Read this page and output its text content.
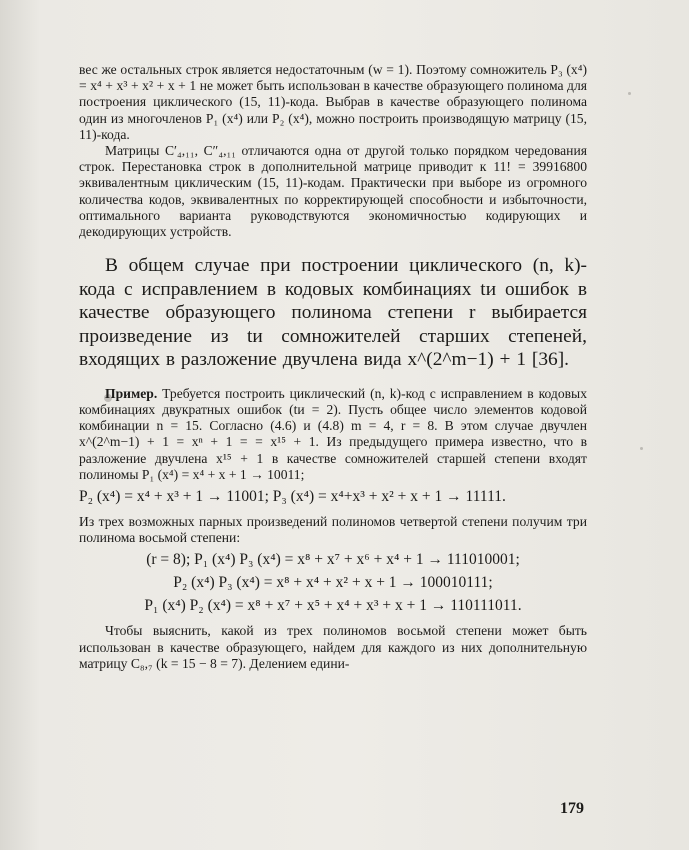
вес же остальных строк является недостаточным (w = 1). Поэтому сомножитель P₃ (x⁴) = x⁴ + x³ + x² + x + 1 не может быть использован в качестве образующего полинома для построения циклического (15, 11)-кода. Выбрав в качестве образующего полинома один из многочленов P₁ (x⁴) или P₂ (x⁴), можно построить производящую матрицу (15, 11)-кода.

Матрицы C′₄,₁₁, C″₄,₁₁ отличаются одна от другой только порядком чередования строк. Перестановка строк в дополнительной матрице приводит к 11! = 39916800 эквивалентным циклическим (15, 11)-кодам. Практически при выборе из огромного количества кодов, эквивалентных по корректирующей способности и избыточности, оптимального варианта руководствуются экономичностью кодирующих и декодирующих устройств.

В общем случае при построении циклического (n, k)-кода с исправлением в кодовых комбинациях tи ошибок в качестве образующего полинома степени r выбирается произведение из tи сомножителей старших степеней, входящих в разложение двучлена вида x^(2^m−1) + 1 [36].

Пример. Требуется построить циклический (n, k)-код с исправлением в кодовых комбинациях двукратных ошибок (tи = 2). Пусть общее число элементов кодовой комбинации n = 15. Согласно (4.6) и (4.8) m = 4, r = 8. В этом случае двучлен x^(2^m−1) + 1 = xⁿ + 1 = = x¹⁵ + 1. Из предыдущего примера известно, что в разложение двучлена x¹⁵ + 1 в качестве сомножителей старшей степени входят полиномы P₁ (x⁴) = x⁴ + x + 1 → 10011;

P₂ (x⁴) = x⁴ + x³ + 1 → 11001; P₃ (x⁴) = x⁴+x³ + x² + x + 1 → 11111.

Из трех возможных парных произведений полиномов четвертой степени получим три полинома восьмой степени:

(r = 8); P₁ (x⁴) P₃ (x⁴) = x⁸ + x⁷ + x⁶ + x⁴ + 1 → 111010001;

P₂ (x⁴) P₃ (x⁴) = x⁸ + x⁴ + x² + x + 1 → 100010111;

P₁ (x⁴) P₂ (x⁴) = x⁸ + x⁷ + x⁵ + x⁴ + x³ + x + 1 → 110111011.

Чтобы выяснить, какой из трех полиномов восьмой степени может быть использован в качестве образующего, найдем для каждого из них дополнительную матрицу C₈,₇ (k = 15 − 8 = 7). Делением едини-

179
